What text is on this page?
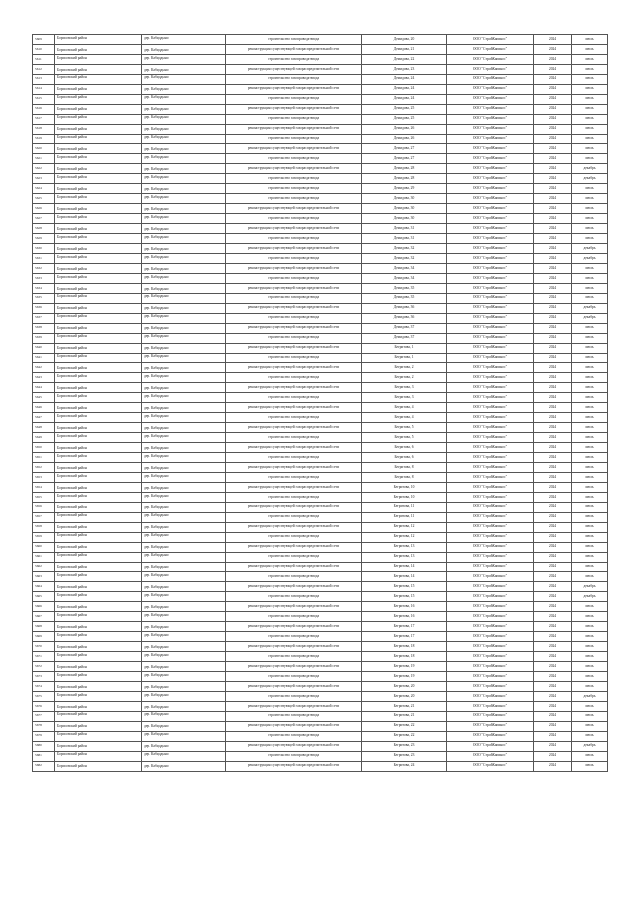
5609	Борисовский район	дер. Кабиддыно	строительство газопровода-ввода	Демидова, 20	ООО "СтройКапинос"	2024	июль
5610	Борисовский район	дер. Кабиддыно	реконструкция существующей газораспределительной сети	Демидова, 21	ООО "СтройКапинос"	2024	июль
5611	Борисовский район	дер. Кабиддыно	строительство газопровода-ввода	Демидова, 22	ООО "СтройКапинос"	2024	июль
5612	Борисовский район	дер. Кабиддыно	реконструкция существующей газораспределительной сети	Демидова, 23	ООО "СтройКапинос"	2024	июль
5613	Борисовский район	дер. Кабиддыно	строительство газопровода-ввода	Демидова, 24	ООО "СтройКапинос"	2024	июль
5614	Борисовский район	дер. Кабиддыно	реконструкция существующей газораспределительной сети	Демидова, 24	ООО "СтройКапинос"	2024	июль
5615	Борисовский район	дер. Кабиддыно	строительство газопровода-ввода	Демидова, 24	ООО "СтройКапинос"	2024	июль
5616	Борисовский район	дер. Кабиддыно	реконструкция существующей газораспределительной сети	Демидова, 25	ООО "СтройКапинос"	2024	июль
5617	Борисовский район	дер. Кабиддыно	строительство газопровода-ввода	Демидова, 25	ООО "СтройКапинос"	2024	июль
5618	Борисовский район	дер. Кабиддыно	реконструкция существующей газораспределительной сети	Демидова, 26	ООО "СтройКапинос"	2024	июль
5619	Борисовский район	дер. Кабиддыно	строительство газопровода-ввода	Демидова, 26	ООО "СтройКапинос"	2024	июль
5620	Борисовский район	дер. Кабиддыно	реконструкция существующей газораспределительной сети	Демидова, 27	ООО "СтройКапинос"	2024	июль
5621	Борисовский район	дер. Кабиддыно	строительство газопровода-ввода	Демидова, 27	ООО "СтройКапинос"	2024	июль
5622	Борисовский район	дер. Кабиддыно	реконструкция существующей газораспределительной сети	Демидова, 28	ООО "СтройКапинос"	2024	декабрь
5623	Борисовский район	дер. Кабиддыно	строительство газопровода-ввода	Демидова, 28	ООО "СтройКапинос"	2024	декабрь
5624	Борисовский район	дер. Кабиддыно	строительство газопровода-ввода	Демидова, 29	ООО "СтройКапинос"	2024	июль
5625	Борисовский район	дер. Кабиддыно	строительство газопровода-ввода	Демидова, 30	ООО "СтройКапинос"	2024	июль
5626	Борисовский район	дер. Кабиддыно	реконструкция существующей газораспределительной сети	Демидова, 30	ООО "СтройКапинос"	2024	июль
5627	Борисовский район	дер. Кабиддыно	строительство газопровода-ввода	Демидова, 30	ООО "СтройКапинос"	2024	июль
5628	Борисовский район	дер. Кабиддыно	реконструкция существующей газораспределительной сети	Демидова, 31	ООО "СтройКапинос"	2024	июль
5629	Борисовский район	дер. Кабиддыно	строительство газопровода-ввода	Демидова, 31	ООО "СтройКапинос"	2024	июль
5630	Борисовский район	дер. Кабиддыно	реконструкция существующей газораспределительной сети	Демидова, 32	ООО "СтройКапинос"	2024	декабрь
5631	Борисовский район	дер. Кабиддыно	строительство газопровода-ввода	Демидова, 32	ООО "СтройКапинос"	2024	декабрь
5632	Борисовский район	дер. Кабиддыно	реконструкция существующей газораспределительной сети	Демидова, 34	ООО "СтройКапинос"	2024	июль
5633	Борисовский район	дер. Кабиддыно	строительство газопровода-ввода	Демидова, 34	ООО "СтройКапинос"	2024	июль
5634	Борисовский район	дер. Кабиддыно	реконструкция существующей газораспределительной сети	Демидова, 35	ООО "СтройКапинос"	2024	июль
5635	Борисовский район	дер. Кабиддыно	строительство газопровода-ввода	Демидова, 35	ООО "СтройКапинос"	2024	июль
5636	Борисовский район	дер. Кабиддыно	реконструкция существующей газораспределительной сети	Демидова, 36	ООО "СтройКапинос"	2024	декабрь
5637	Борисовский район	дер. Кабиддыно	строительство газопровода-ввода	Демидова, 36	ООО "СтройКапинос"	2024	декабрь
5638	Борисовский район	дер. Кабиддыно	реконструкция существующей газораспределительной сети	Демидова, 37	ООО "СтройКапинос"	2024	июль
5639	Борисовский район	дер. Кабиддыно	строительство газопровода-ввода	Демидова, 37	ООО "СтройКапинос"	2024	июль
5640	Борисовский район	дер. Кабиддыно	реконструкция существующей газораспределительной сети	Бегритова, 1	ООО "СтройКапинос"	2024	июль
5641	Борисовский район	дер. Кабиддыно	строительство газопровода-ввода	Бегритова, 1	ООО "СтройКапинос"	2024	июль
5642	Борисовский район	дер. Кабиддыно	реконструкция существующей газораспределительной сети	Бегритова, 2	ООО "СтройКапинос"	2024	июль
5643	Борисовский район	дер. Кабиддыно	строительство газопровода-ввода	Бегритова, 2	ООО "СтройКапинос"	2024	июль
5644	Борисовский район	дер. Кабиддыно	реконструкция существующей газораспределительной сети	Бегритова, 3	ООО "СтройКапинос"	2024	июль
5645	Борисовский район	дер. Кабиддыно	строительство газопровода-ввода	Бегритова, 3	ООО "СтройКапинос"	2024	июль
5646	Борисовский район	дер. Кабиддыно	реконструкция существующей газораспределительной сети	Бегритова, 4	ООО "СтройКапинос"	2024	июль
5647	Борисовский район	дер. Кабиддыно	строительство газопровода-ввода	Бегритова, 4	ООО "СтройКапинос"	2024	июль
5648	Борисовский район	дер. Кабиддыно	реконструкция существующей газораспределительной сети	Бегритова, 5	ООО "СтройКапинос"	2024	июль
5649	Борисовский район	дер. Кабиддыно	строительство газопровода-ввода	Бегритова, 5	ООО "СтройКапинос"	2024	июль
5650	Борисовский район	дер. Кабиддыно	реконструкция существующей газораспределительной сети	Бегритова, 6	ООО "СтройКапинос"	2024	июль
5651	Борисовский район	дер. Кабиддыно	строительство газопровода-ввода	Бегритова, 6	ООО "СтройКапинос"	2024	июль
5652	Борисовский район	дер. Кабиддыно	реконструкция существующей газораспределительной сети	Бегритова, 8	ООО "СтройКапинос"	2024	июль
5653	Борисовский район	дер. Кабиддыно	строительство газопровода-ввода	Бегритова, 8	ООО "СтройКапинос"	2024	июль
5654	Борисовский район	дер. Кабиддыно	реконструкция существующей газораспределительной сети	Бегритова, 10	ООО "СтройКапинос"	2024	июль
5655	Борисовский район	дер. Кабиддыно	строительство газопровода-ввода	Бегритова, 10	ООО "СтройКапинос"	2024	июль
5656	Борисовский район	дер. Кабиддыно	реконструкция существующей газораспределительной сети	Бегритова, 11	ООО "СтройКапинос"	2024	июль
5657	Борисовский район	дер. Кабиддыно	строительство газопровода-ввода	Бегритова, 11	ООО "СтройКапинос"	2024	июль
5658	Борисовский район	дер. Кабиддыно	реконструкция существующей газораспределительной сети	Бегритова, 12	ООО "СтройКапинос"	2024	июль
5659	Борисовский район	дер. Кабиддыно	строительство газопровода-ввода	Бегритова, 12	ООО "СтройКапинос"	2024	июль
5660	Борисовский район	дер. Кабиддыно	реконструкция существующей газораспределительной сети	Бегритова, 13	ООО "СтройКапинос"	2024	июль
5661	Борисовский район	дер. Кабиддыно	строительство газопровода-ввода	Бегритова, 13	ООО "СтройКапинос"	2024	июль
5662	Борисовский район	дер. Кабиддыно	реконструкция существующей газораспределительной сети	Бегритова, 14	ООО "СтройКапинос"	2024	июль
5663	Борисовский район	дер. Кабиддыно	строительство газопровода-ввода	Бегритова, 14	ООО "СтройКапинос"	2024	июль
5664	Борисовский район	дер. Кабиддыно	реконструкция существующей газораспределительной сети	Бегритова, 15	ООО "СтройКапинос"	2024	декабрь
5665	Борисовский район	дер. Кабиддыно	строительство газопровода-ввода	Бегритова, 15	ООО "СтройКапинос"	2024	декабрь
5666	Борисовский район	дер. Кабиддыно	реконструкция существующей газораспределительной сети	Бегритова, 16	ООО "СтройКапинос"	2024	июль
5667	Борисовский район	дер. Кабиддыно	строительство газопровода-ввода	Бегритова, 16	ООО "СтройКапинос"	2024	июль
5668	Борисовский район	дер. Кабиддыно	реконструкция существующей газораспределительной сети	Бегритова, 17	ООО "СтройКапинос"	2024	июль
5669	Борисовский район	дер. Кабиддыно	строительство газопровода-ввода	Бегритова, 17	ООО "СтройКапинос"	2024	июль
5670	Борисовский район	дер. Кабиддыно	реконструкция существующей газораспределительной сети	Бегритова, 18	ООО "СтройКапинос"	2024	июль
5671	Борисовский район	дер. Кабиддыно	строительство газопровода-ввода	Бегритова, 18	ООО "СтройКапинос"	2024	июль
5672	Борисовский район	дер. Кабиддыно	реконструкция существующей газораспределительной сети	Бегритова, 19	ООО "СтройКапинос"	2024	июль
5673	Борисовский район	дер. Кабиддыно	строительство газопровода-ввода	Бегритова, 19	ООО "СтройКапинос"	2024	июль
5674	Борисовский район	дер. Кабиддыно	реконструкция существующей газораспределительной сети	Бегритова, 20	ООО "СтройКапинос"	2024	июль
5675	Борисовский район	дер. Кабиддыно	строительство газопровода-ввода	Бегритова, 20	ООО "СтройКапинос"	2024	декабрь
5676	Борисовский район	дер. Кабиддыно	реконструкция существующей газораспределительной сети	Бегритова, 21	ООО "СтройКапинос"	2024	июль
5677	Борисовский район	дер. Кабиддыно	строительство газопровода-ввода	Бегритова, 21	ООО "СтройКапинос"	2024	июль
5678	Борисовский район	дер. Кабиддыно	реконструкция существующей газораспределительной сети	Бегритова, 22	ООО "СтройКапинос"	2024	июль
5679	Борисовский район	дер. Кабиддыно	строительство газопровода-ввода	Бегритова, 22	ООО "СтройКапинос"	2024	июль
5680	Борисовский район	дер. Кабиддыно	реконструкция существующей газораспределительной сети	Бегритова, 23	ООО "СтройКапинос"	2024	декабрь
5681	Борисовский район	дер. Кабиддыно	строительство газопровода-ввода	Бегритова, 23	ООО "СтройКапинос"	2024	июль
5682	Борисовский район	дер. Кабиддыно	реконструкция существующей газораспределительной сети	Бегритова, 24	ООО "СтройКапинос"	2024	июль
